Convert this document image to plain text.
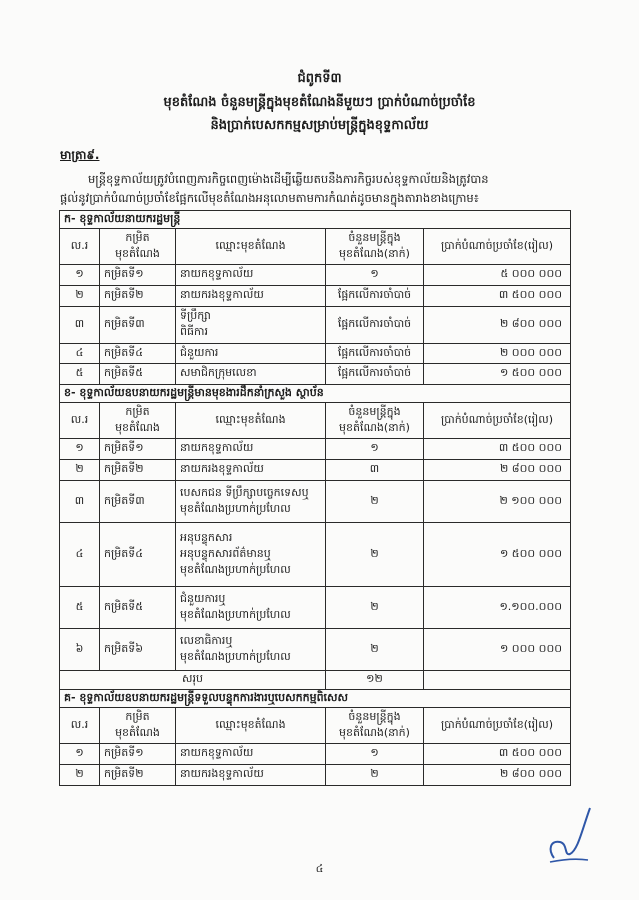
ជំពូកទី៣
មុខតំណែង ចំនួនមន្ត្រីក្នុងមុខតំណែងនីមួយៗ ប្រាក់បំណាច់ប្រចាំខែ
និងប្រាក់បេសកកម្មសម្រាប់មន្ត្រីក្នុងខុទ្ទកាល័យ
មាត្រា៩.
មន្ត្រីខុទ្ទកាល័យត្រូវបំពេញភារកិច្ចពេញម៉ោងដើម្បីឆ្លើយតបនឹងភារកិច្ចរបស់ខុទ្ទកាល័យនិងត្រូវបាន
ផ្តល់នូវប្រាក់បំណាច់ប្រចាំខែផ្អែកលើមុខតំណែងអនុលោមតាមការកំណត់ដូចមានក្នុងតារាងខាងក្រោម៖
ក- ខុទ្ទកាល័យនាយករដ្ឋមន្ត្រី				
ល.រ	កម្រិត
មុខតំណែង	ឈ្មោះមុខតំណែង	ចំនួនមន្ត្រីក្នុង
មុខតំណែង(នាក់)	ប្រាក់បំណាច់ប្រចាំខែ(រៀល)
១	កម្រិតទី១	នាយកខុទ្ទកាល័យ	១	៥ ០០០ ០០០
២	កម្រិតទី២	នាយករងខុទ្ទកាល័យ	ផ្អែកលើការចាំបាច់	៣ ៥០០ ០០០
៣	កម្រិតទី៣	ទីប្រឹក្សា
ពិធីការ	ផ្អែកលើការចាំបាច់	២ ៨០០ ០០០
៤	កម្រិតទី៤	ជំនួយការ	ផ្អែកលើការចាំបាច់	២ ០០០ ០០០
៥	កម្រិតទី៥	សមាជិកក្រុមលេខា	ផ្អែកលើការចាំបាច់	១ ៥០០ ០០០
ខ- ខុទ្ទកាល័យឧបនាយករដ្ឋមន្ត្រីមានមុខងារដឹកនាំក្រសួង ស្ថាប័ន				
ល.រ	កម្រិត
មុខតំណែង	ឈ្មោះមុខតំណែង	ចំនួនមន្ត្រីក្នុង
មុខតំណែង(នាក់)	ប្រាក់បំណាច់ប្រចាំខែ(រៀល)
១	កម្រិតទី១	នាយកខុទ្ទកាល័យ	១	៣ ៥០០ ០០០
២	កម្រិតទី២	នាយករងខុទ្ទកាល័យ	៣	២ ៨០០ ០០០
៣	កម្រិតទី៣	បេសកជន ទីប្រឹក្សាបច្ចេកទេសឬ
មុខតំណែងប្រហាក់ប្រហែល	២	២ ១០០ ០០០
៤	កម្រិតទី៤	អនុបន្ទុកសារ
អនុបន្ទុកសារព័ត៌មានឬ
មុខតំណែងប្រហាក់ប្រហែល	២	១ ៥០០ ០០០
៥	កម្រិតទី៥	ជំនួយការឬ
មុខតំណែងប្រហាក់ប្រហែល	២	១.១០០.០០០
៦	កម្រិតទី៦	លេខាធិការឬ
មុខតំណែងប្រហាក់ប្រហែល	២	១ ០០០ ០០០
សរុប			១២	
គ- ខុទ្ទកាល័យឧបនាយករដ្ឋមន្ត្រីទទួលបន្ទុកការងារឬបេសកកម្មពិសេស				
ល.រ	កម្រិត
មុខតំណែង	ឈ្មោះមុខតំណែង	ចំនួនមន្ត្រីក្នុង
មុខតំណែង(នាក់)	ប្រាក់បំណាច់ប្រចាំខែ(រៀល)
១	កម្រិតទី១	នាយកខុទ្ទកាល័យ	១	៣ ៥០០ ០០០
២	កម្រិតទី២	នាយករងខុទ្ទកាល័យ	២	២ ៨០០ ០០០
៤
